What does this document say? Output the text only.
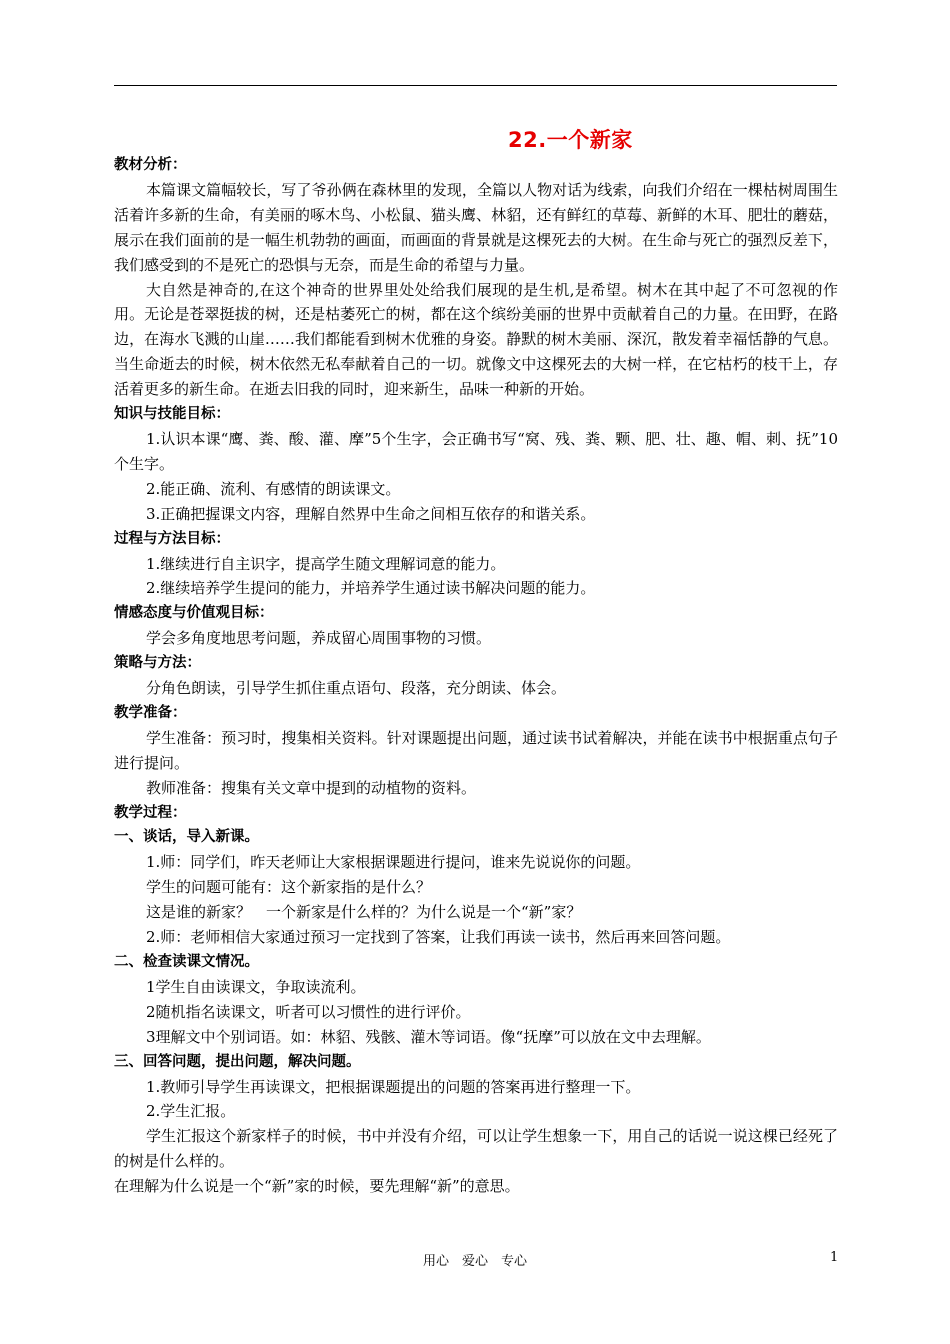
22.一个新家
教材分析：
本篇课文篇幅较长，写了爷孙俩在森林里的发现，全篇以人物对话为线索，向我们介绍在一棵枯树周围生活着许多新的生命，有美丽的啄木鸟、小松鼠、猫头鹰、林貂，还有鲜红的草莓、新鲜的木耳、肥壮的蘑菇，展示在我们面前的是一幅生机勃勃的画面，而画面的背景就是这棵死去的大树。在生命与死亡的强烈反差下，我们感受到的不是死亡的恐惧与无奈，而是生命的希望与力量。
大自然是神奇的,在这个神奇的世界里处处给我们展现的是生机,是希望。树木在其中起了不可忽视的作用。无论是苍翠挺拔的树，还是枯萎死亡的树，都在这个缤纷美丽的世界中贡献着自己的力量。在田野，在路边，在海水飞溅的山崖……我们都能看到树木优雅的身姿。静默的树木美丽、深沉，散发着幸福恬静的气息。当生命逝去的时候，树木依然无私奉献着自己的一切。就像文中这棵死去的大树一样，在它枯朽的枝干上，存活着更多的新生命。在逝去旧我的同时，迎来新生，品味一种新的开始。
知识与技能目标：
1.认识本课“鹰、粪、酸、灌、摩”5个生字，会正确书写“窝、残、粪、颗、肥、壮、趣、帽、刺、抚”10个生字。
2.能正确、流利、有感情的朗读课文。
3.正确把握课文内容，理解自然界中生命之间相互依存的和谐关系。
过程与方法目标：
1.继续进行自主识字，提高学生随文理解词意的能力。
2.继续培养学生提问的能力，并培养学生通过读书解决问题的能力。
情感态度与价值观目标：
学会多角度地思考问题，养成留心周围事物的习惯。
策略与方法：
分角色朗读，引导学生抓住重点语句、段落，充分朗读、体会。
教学准备：
学生准备：预习时，搜集相关资料。针对课题提出问题，通过读书试着解决，并能在读书中根据重点句子进行提问。
教师准备：搜集有关文章中提到的动植物的资料。
教学过程：
一、谈话，导入新课。
1.师：同学们，昨天老师让大家根据课题进行提问，谁来先说说你的问题。
学生的问题可能有：这个新家指的是什么？
这是谁的新家？　一个新家是什么样的？为什么说是一个“新”家？
2.师：老师相信大家通过预习一定找到了答案，让我们再读一读书，然后再来回答问题。
二、检查读课文情况。
1学生自由读课文，争取读流利。
2随机指名读课文，听者可以习惯性的进行评价。
3理解文中个别词语。如：林貂、残骸、灌木等词语。像“抚摩”可以放在文中去理解。
三、回答问题，提出问题，解决问题。
1.教师引导学生再读课文，把根据课题提出的问题的答案再进行整理一下。
2.学生汇报。
学生汇报这个新家样子的时候，书中并没有介绍，可以让学生想象一下，用自己的话说一说这棵已经死了的树是什么样的。
在理解为什么说是一个“新”家的时候，要先理解“新”的意思。
用心　爱心　专心	1
